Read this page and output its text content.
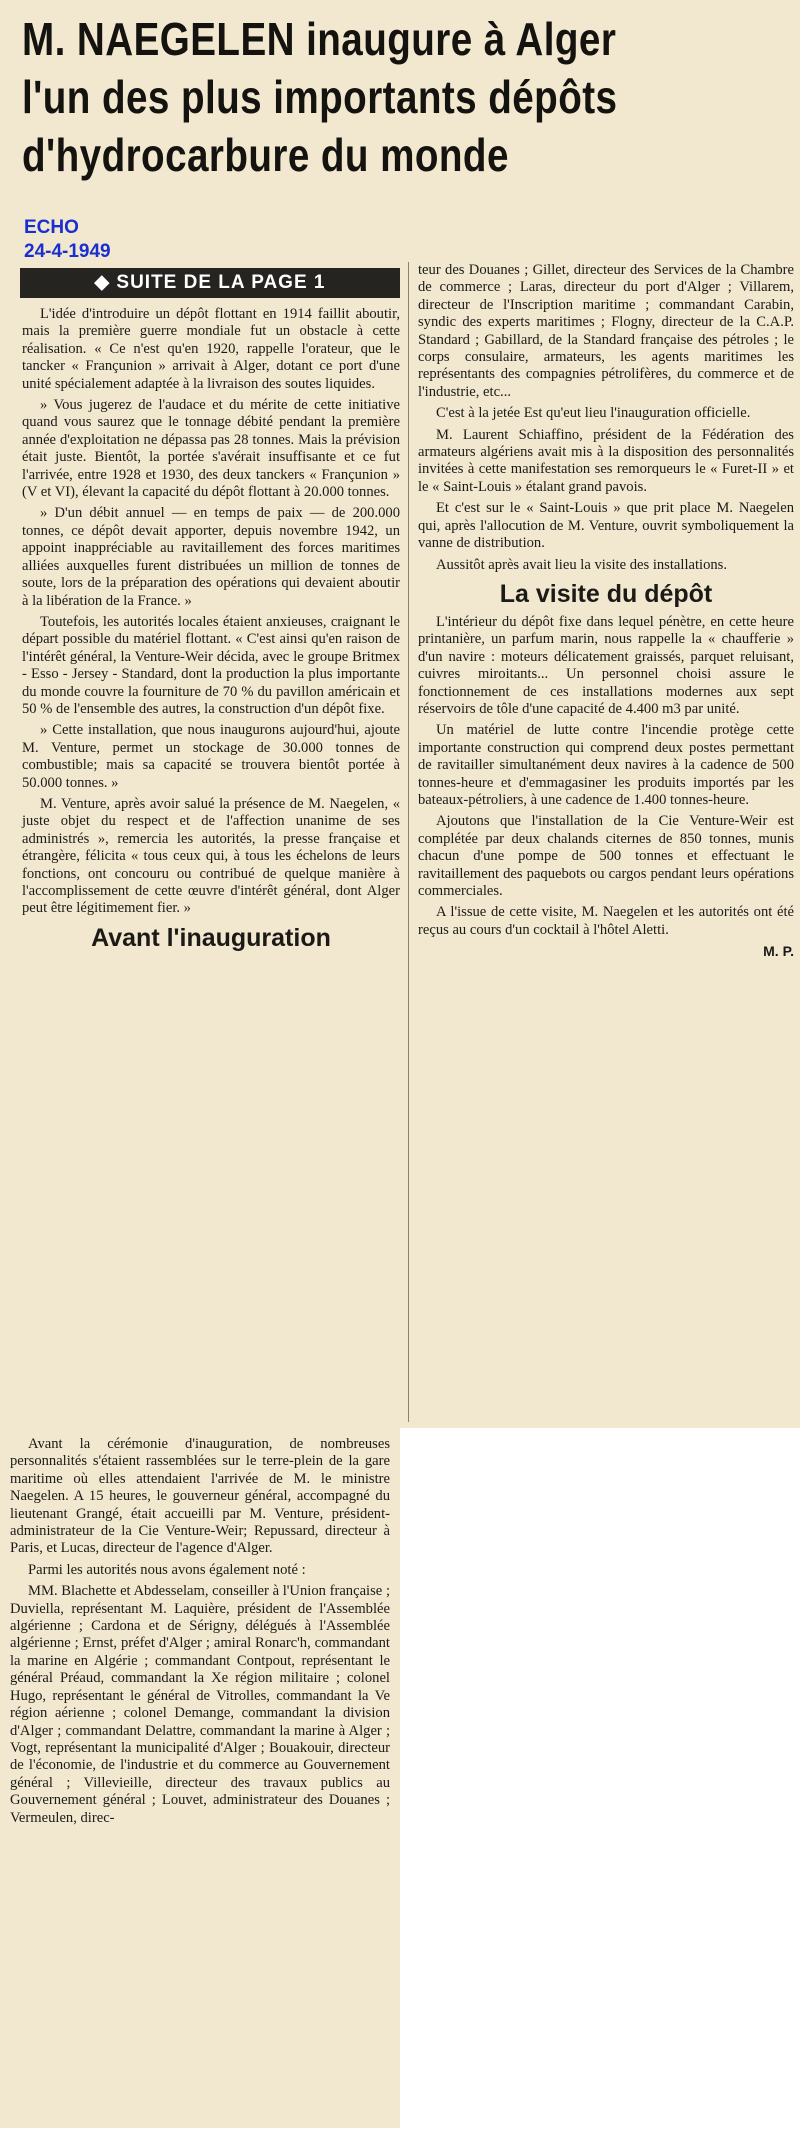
M. NAEGELEN inaugure à Alger
l'un des plus importants dépôts
d'hydrocarbure du monde
ECHO
24-4-1949
◆ SUITE DE LA PAGE 1

L'idée d'introduire un dépôt flottant en 1914 faillit aboutir, mais la première guerre mondiale fut un obstacle à cette réalisation. « Ce n'est qu'en 1920, rappelle l'orateur, que le tancker « Françunion » arrivait à Alger, dotant ce port d'une unité spécialement adaptée à la livraison des soutes liquides.

» Vous jugerez de l'audace et du mérite de cette initiative quand vous saurez que le tonnage débité pendant la première année d'exploitation ne dépassa pas 28 tonnes. Mais la prévision était juste. Bientôt, la portée s'avérait insuffisante et ce fut l'arrivée, entre 1928 et 1930, des deux tanckers « Françunion » (V et VI), élevant la capacité du dépôt flottant à 20.000 tonnes.

» D'un débit annuel — en temps de paix — de 200.000 tonnes, ce dépôt devait apporter, depuis novembre 1942, un appoint inappréciable au ravitaillement des forces maritimes alliées auxquelles furent distribuées un million de tonnes de soute, lors de la préparation des opérations qui devaient aboutir à la libération de la France. »

Toutefois, les autorités locales étaient anxieuses, craignant le départ possible du matériel flottant. « C'est ainsi qu'en raison de l'intérêt général, la Venture-Weir décida, avec le groupe Britmex - Esso - Jersey - Standard, dont la production la plus importante du monde couvre la fourniture de 70 % du pavillon américain et 50 % de l'ensemble des autres, la construction d'un dépôt fixe.

» Cette installation, que nous inaugurons aujourd'hui, ajoute M. Venture, permet un stockage de 30.000 tonnes de combustible; mais sa capacité se trouvera bientôt portée à 50.000 tonnes. »

M. Venture, après avoir salué la présence de M. Naegelen, « juste objet du respect et de l'affection unanime de ses administrés », remercia les autorités, la presse française et étrangère, félicita « tous ceux qui, à tous les échelons de leurs fonctions, ont concouru ou contribué de quelque manière à l'accomplissement de cette œuvre d'intérêt général, dont Alger peut être légitimement fier. »

Avant l'inauguration

teur des Douanes ; Gillet, directeur des Services de la Chambre de commerce ; Laras, directeur du port d'Alger ; Villarem, directeur de l'Inscription maritime ; commandant Carabin, syndic des experts maritimes ; Flogny, directeur de la C.A.P. Standard ; Gabillard, de la Standard française des pétroles ; le corps consulaire, armateurs, les agents maritimes les représentants des compagnies pétrolifères, du commerce et de l'industrie, etc...

C'est à la jetée Est qu'eut lieu l'inauguration officielle.

M. Laurent Schiaffino, président de la Fédération des armateurs algériens avait mis à la disposition des personnalités invitées à cette manifestation ses remorqueurs le « Furet-II » et le « Saint-Louis » étalant grand pavois.

Et c'est sur le « Saint-Louis » que prit place M. Naegelen qui, après l'allocution de M. Venture, ouvrit symboliquement la vanne de distribution.

Aussitôt après avait lieu la visite des installations.

La visite du dépôt

L'intérieur du dépôt fixe dans lequel pénètre, en cette heure printanière, un parfum marin, nous rappelle la « chaufferie » d'un navire : moteurs délicatement graissés, parquet reluisant, cuivres miroitants... Un personnel choisi assure le fonctionnement de ces installations modernes aux sept réservoirs de tôle d'une capacité de 4.400 m3 par unité.

Un matériel de lutte contre l'incendie protège cette importante construction qui comprend deux postes permettant de ravitailler simultanément deux navires à la cadence de 500 tonnes-heure et d'emmagasiner les produits importés par les bateaux-pétroliers, à une cadence de 1.400 tonnes-heure.

Ajoutons que l'installation de la Cie Venture-Weir est complétée par deux chalands citernes de 850 tonnes, munis chacun d'une pompe de 500 tonnes et effectuant le ravitaillement des paquebots ou cargos pendant leurs opérations commerciales.

A l'issue de cette visite, M. Naegelen et les autorités ont été reçus au cours d'un cocktail à l'hôtel Aletti.

M. P.

Avant la cérémonie d'inauguration, de nombreuses personnalités s'étaient rassemblées sur le terre-plein de la gare maritime où elles attendaient l'arrivée de M. le ministre Naegelen. A 15 heures, le gouverneur général, accompagné du lieutenant Grangé, était accueilli par M. Venture, président-administrateur de la Cie Venture-Weir; Repussard, directeur à Paris, et Lucas, directeur de l'agence d'Alger.

Parmi les autorités nous avons également noté :

MM. Blachette et Abdesselam, conseiller à l'Union française ; Duviella, représentant M. Laquière, président de l'Assemblée algérienne ; Cardona et de Sérigny, délégués à l'Assemblée algérienne ; Ernst, préfet d'Alger ; amiral Ronarc'h, commandant la marine en Algérie ; commandant Contpout, représentant le général Préaud, commandant la Xe région militaire ; colonel Hugo, représentant le général de Vitrolles, commandant la Ve région aérienne ; colonel Demange, commandant la division d'Alger ; commandant Delattre, commandant la marine à Alger ; Vogt, représentant la municipalité d'Alger ; Bouakouir, directeur de l'économie, de l'industrie et du commerce au Gouvernement général ; Villevieille, directeur des travaux publics au Gouvernement général ; Louvet, administrateur des Douanes ; Vermeulen, direc-
